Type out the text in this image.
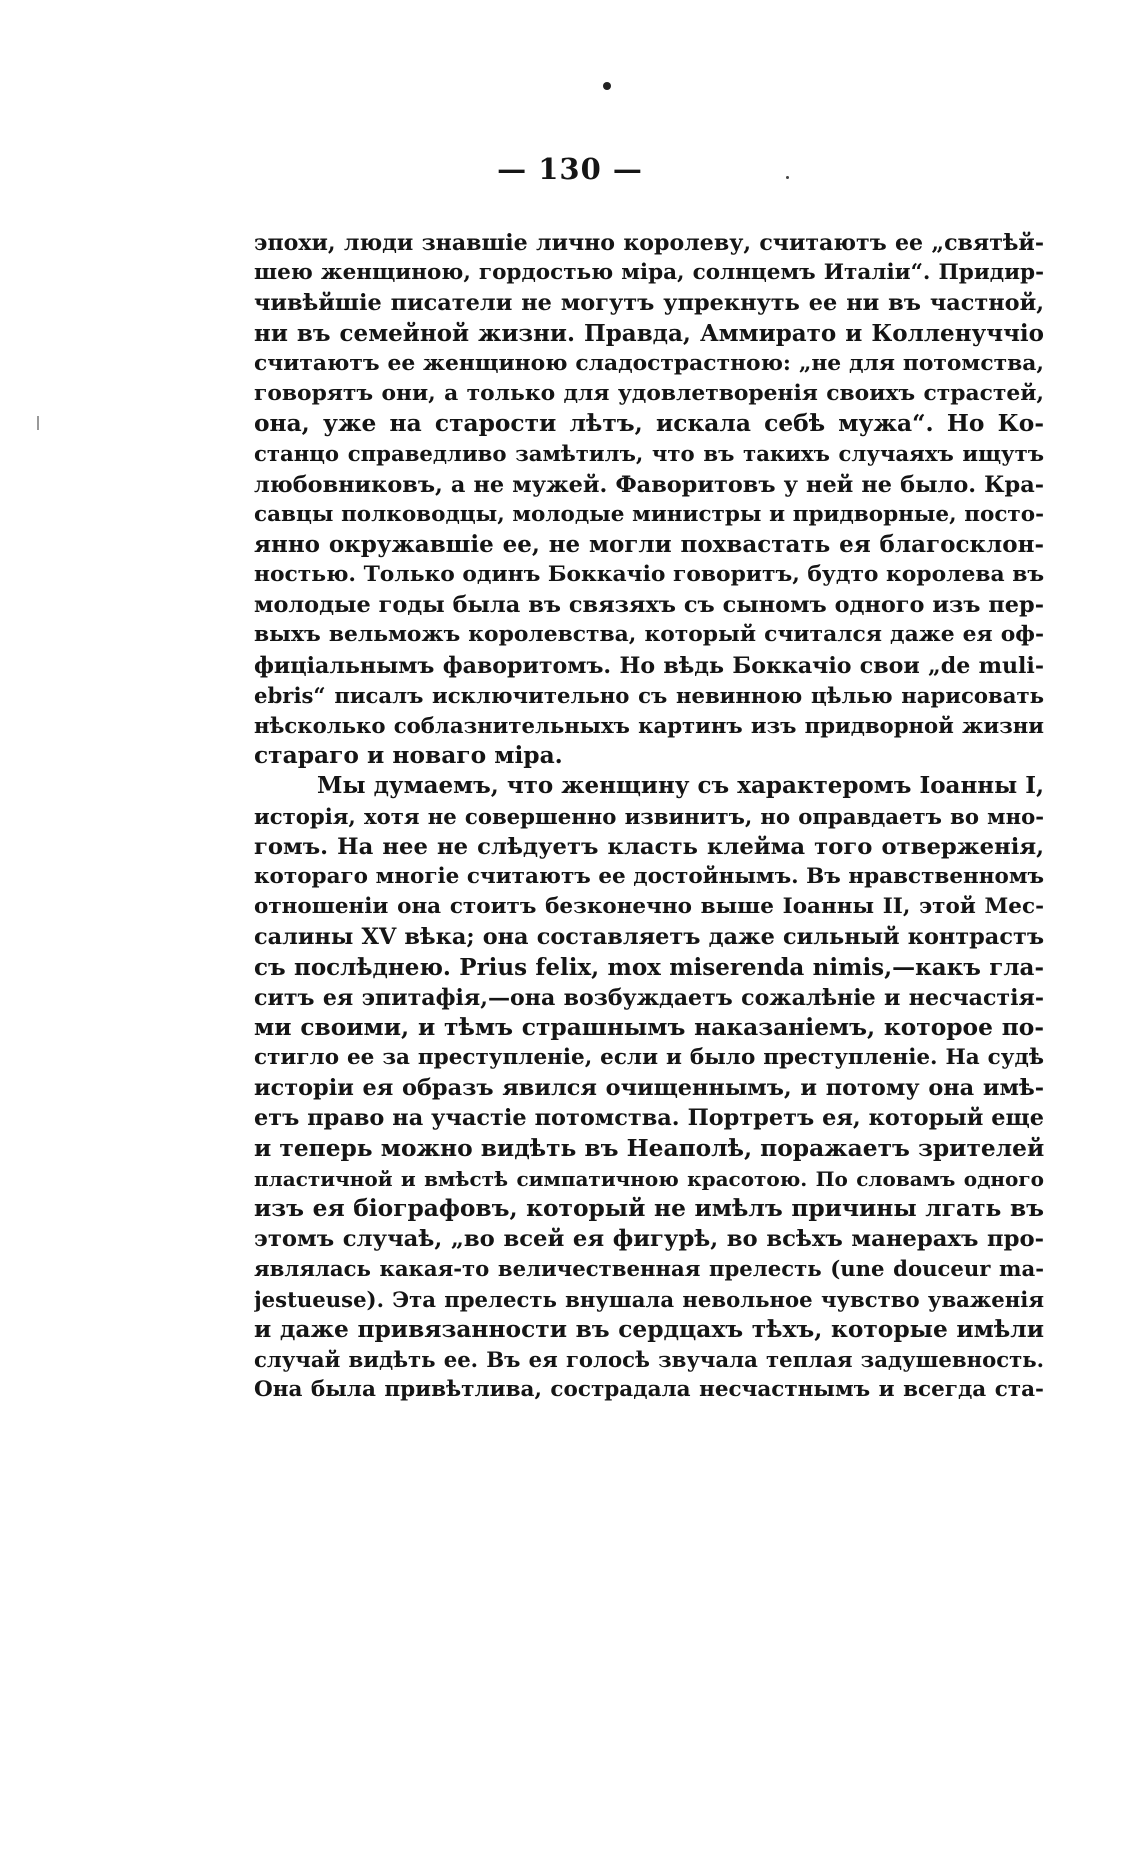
— 130 —
эпохи, люди знавшіе лично королеву, считаютъ ее „святѣй-
шею женщиною, гордостью міра, солнцемъ Италіи“. Придир-
чивѣйшіе писатели не могутъ упрекнуть ее ни въ частной,
ни въ семейной жизни. Правда, Аммирато и Колленуччіо
считаютъ ее женщиною сладострастною: „не для потомства,
говорятъ они, а только для удовлетворенія своихъ страстей,
она, уже на старости лѣтъ, искала себѣ мужа“. Но Ко-
станцо справедливо замѣтилъ, что въ такихъ случаяхъ ищутъ
любовниковъ, а не мужей. Фаворитовъ у ней не было. Кра-
савцы полководцы, молодые министры и придворные, посто-
янно окружавшіе ее, не могли похвастать ея благосклон-
ностью. Только одинъ Боккачіо говоритъ, будто королева въ
молодые годы была въ связяхъ съ сыномъ одного изъ пер-
выхъ вельможъ королевства, который считался даже ея оф-
фиціальнымъ фаворитомъ. Но вѣдь Боккачіо свои „de muli-
ebris“ писалъ исключительно съ невинною цѣлью нарисовать
нѣсколько соблазнительныхъ картинъ изъ придворной жизни
стараго и новаго міра.
Мы думаемъ, что женщину съ характеромъ Іоанны I,
исторія, хотя не совершенно извинитъ, но оправдаетъ во мно-
гомъ. На нее не слѣдуетъ класть клейма того отверженія,
котораго многіе считаютъ ее достойнымъ. Въ нравственномъ
отношеніи она стоитъ безконечно выше Іоанны II, этой Мес-
салины XV вѣка; она составляетъ даже сильный контрастъ
съ послѣднею. Prius felix, mox miserenda nimis,—какъ гла-
ситъ ея эпитафія,—она возбуждаетъ сожалѣніе и несчастія-
ми своими, и тѣмъ страшнымъ наказаніемъ, которое по-
стигло ее за преступленіе, если и было преступленіе. На судѣ
исторіи ея образъ явился очищеннымъ, и потому она имѣ-
етъ право на участіе потомства. Портретъ ея, который еще
и теперь можно видѣть въ Неаполѣ, поражаетъ зрителей
пластичной и вмѣстѣ симпатичною красотою. По словамъ одного
изъ ея біографовъ, который не имѣлъ причины лгать въ
этомъ случаѣ, „во всей ея фигурѣ, во всѣхъ манерахъ про-
являлась какая-то величественная прелесть (une douceur ma-
jestueuse). Эта прелесть внушала невольное чувство уваженія
и даже привязанности въ сердцахъ тѣхъ, которые имѣли
случай видѣть ее. Въ ея голосѣ звучала теплая задушевность.
Она была привѣтлива, сострадала несчастнымъ и всегда ста-
